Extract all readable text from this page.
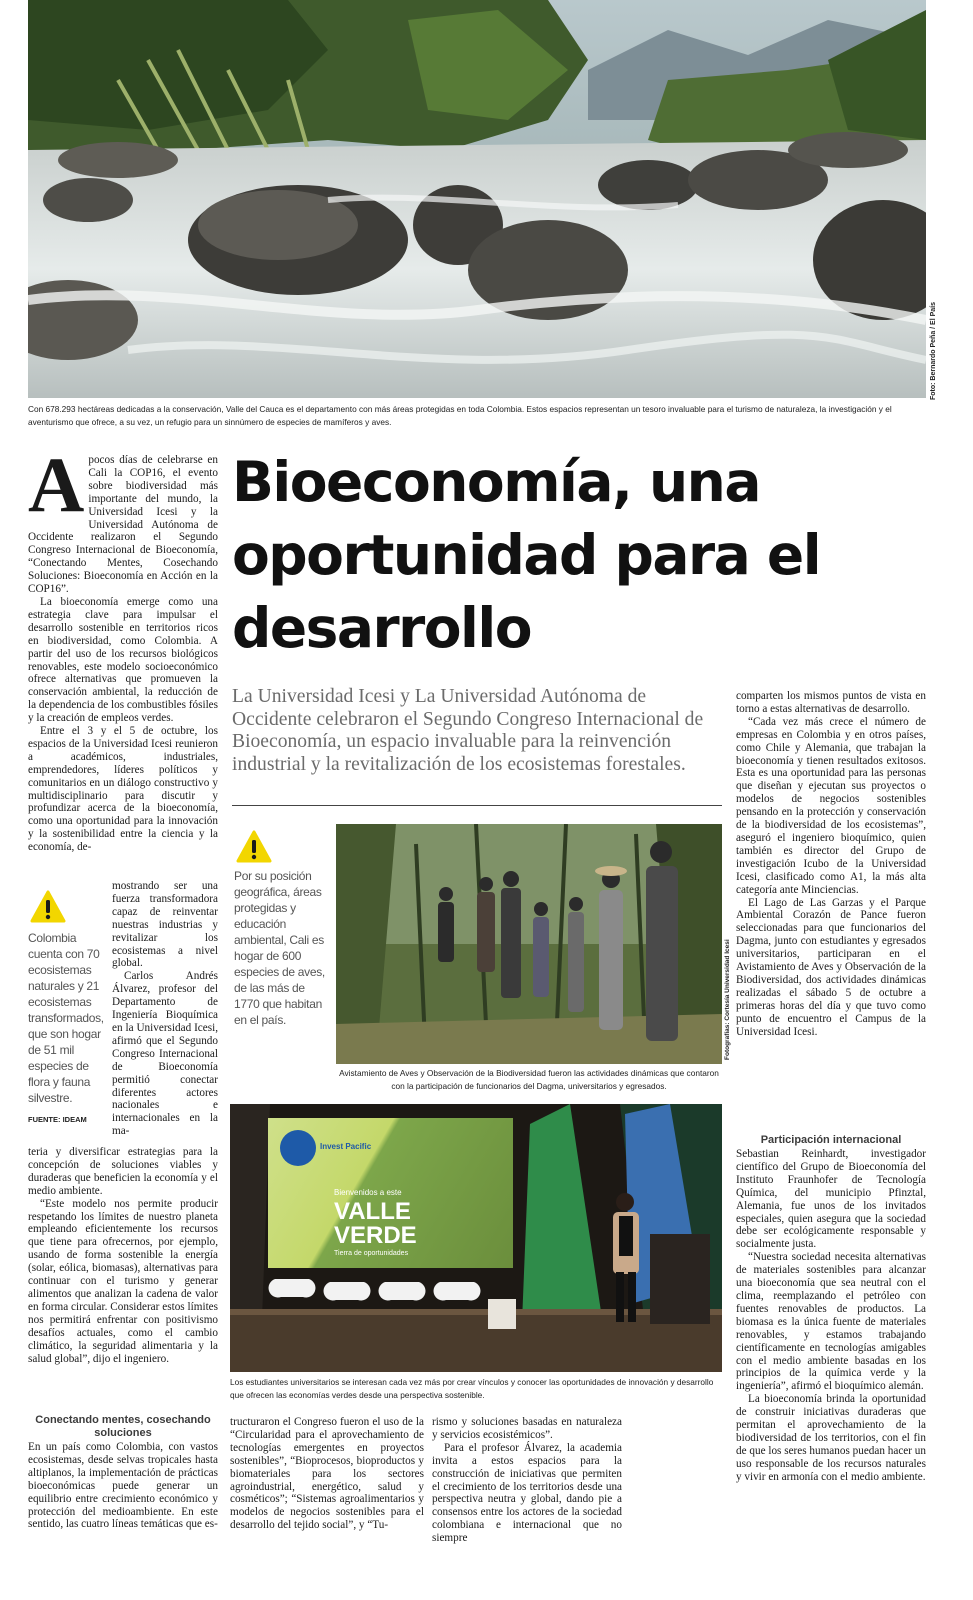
Foto: Bernardo Peña / El País
Con 678.293 hectáreas dedicadas a la conservación, Valle del Cauca es el departamento con más áreas protegidas en toda Colombia. Estos espacios representan un tesoro invaluable para el turismo de naturaleza, la investigación y el aventurismo que ofrece, a su vez, un refugio para un sinnúmero de especies de mamíferos y aves.
A pocos días de celebrarse en Cali la COP16, el evento sobre biodiversidad más importante del mundo, la Universidad Icesi y la Universidad Autónoma de Occidente realizaron el Segundo Congreso Internacional de Bioeconomía, “Conectando Mentes, Cosechando Soluciones: Bioeconomía en Acción en la COP16”.

La bioeconomía emerge como una estrategia clave para impulsar el desarrollo sostenible en territorios ricos en biodiversidad, como Colombia. A partir del uso de los recursos biológicos renovables, este modelo socioeconómico ofrece alternativas que promueven la conservación ambiental, la reducción de la dependencia de los combustibles fósiles y la creación de empleos verdes.

Entre el 3 y el 5 de octubre, los espacios de la Universidad Icesi reunieron a académicos, industriales, emprendedores, líderes políticos y comunitarios en un diálogo constructivo y multidisciplinario para discutir y profundizar acerca de la bioeconomía, como una oportunidad para la innovación y la sostenibilidad entre la ciencia y la economía, de-

Colombia cuenta con 70 ecosistemas naturales y 21 ecosistemas transformados, que son hogar de 51 mil especies de flora y fauna silvestre.
FUENTE: IDEAM

mostrando ser una fuerza transformadora capaz de reinventar nuestras industrias y revitalizar los ecosistemas a nivel global.

Carlos Andrés Álvarez, profesor del Departamento de Ingeniería Bioquímica en la Universidad Icesi, afirmó que el Segundo Congreso Internacional de Bioeconomía permitió conectar diferentes actores nacionales e internacionales en la ma-

teria y diversificar estrategias para la concepción de soluciones viables y duraderas que beneficien la economía y el medio ambiente.

“Este modelo nos permite producir respetando los límites de nuestro planeta empleando eficientemente los recursos que tiene para ofrecernos, por ejemplo, usando de forma sostenible la energía (solar, eólica, biomasas), alternativas para continuar con el turismo y generar alimentos que analizan la cadena de valor en forma circular. Considerar estos límites nos permitirá enfrentar con positivismo desafíos actuales, como el cambio climático, la seguridad alimentaria y la salud global”, dijo el ingeniero.

Conectando mentes, cosechando soluciones

En un país como Colombia, con vastos ecosistemas, desde selvas tropicales hasta altiplanos, la implementación de prácticas bioeconómicas puede generar un equilibrio entre crecimiento económico y protección del medioambiente. En este sentido, las cuatro líneas temáticas que es-

Bioeconomía, una oportunidad para el desarrollo
La Universidad Icesi y La Universidad Autónoma de Occidente celebraron el Segundo Congreso Internacional de Bioeconomía, un espacio invaluable para la reinvención industrial y la revitalización de los ecosistemas forestales.
Por su posición geográfica, áreas protegidas y educación ambiental, Cali es hogar de 600 especies de aves, de las más de 1770 que habitan en el país.	Fotografías: Cortesía Universidad Icesi
Avistamiento de Aves y Observación de la Biodiversidad fueron las actividades dinámicas que contaron con la participación de funcionarios del Dagma, universitarios y egresados.
Invest Pacific
Bienvenidos a este
VALLE
VERDE
Tierra de oportunidades
Los estudiantes universitarios se interesan cada vez más por crear vínculos y conocer las oportunidades de innovación y desarrollo que ofrecen las economías verdes desde una perspectiva sostenible.

tructuraron el Congreso fueron el uso de la “Circularidad para el aprovechamiento de tecnologías emergentes en proyectos sostenibles”, “Bioprocesos, bioproductos y biomateriales para los sectores agroindustrial, energético, salud y cosméticos”; “Sistemas agroalimentarios y modelos de negocios sostenibles para el desarrollo del tejido social”, y “Tu-

rismo y soluciones basadas en naturaleza y servicios ecosistémicos”.

Para el profesor Álvarez, la academia invita a estos espacios para la construcción de iniciativas que permiten el crecimiento de los territorios desde una perspectiva neutra y global, dando pie a consensos entre los actores de la sociedad colombiana e internacional que no siempre

comparten los mismos puntos de vista en torno a estas alternativas de desarrollo.

“Cada vez más crece el número de empresas en Colombia y en otros países, como Chile y Alemania, que trabajan la bioeconomía y tienen resultados exitosos. Esta es una oportunidad para las personas que diseñan y ejecutan sus proyectos o modelos de negocios sostenibles pensando en la protección y conservación de la biodiversidad de los ecosistemas”, aseguró el ingeniero bioquímico, quien también es director del Grupo de investigación Icubo de la Universidad Icesi, clasificado como A1, la más alta categoría ante Minciencias.

El Lago de Las Garzas y el Parque Ambiental Corazón de Pance fueron seleccionadas para que funcionarios del Dagma, junto con estudiantes y egresados universitarios, participaran en el Avistamiento de Aves y Observación de la Biodiversidad, dos actividades dinámicas realizadas el sábado 5 de octubre a primeras horas del día y que tuvo como punto de encuentro el Campus de la Universidad Icesi.

Participación internacional

Sebastian Reinhardt, investigador científico del Grupo de Bioeconomía del Instituto Fraunhofer de Tecnología Química, del municipio Pfinztal, Alemania, fue unos de los invitados especiales, quien asegura que la sociedad debe ser ecológicamente responsable y socialmente justa.

“Nuestra sociedad necesita alternativas de materiales sostenibles para alcanzar una bioeconomía que sea neutral con el clima, reemplazando el petróleo con fuentes renovables de productos. La biomasa es la única fuente de materiales renovables, y estamos trabajando científicamente en tecnologías amigables con el medio ambiente basadas en los principios de la química verde y la ingeniería”, afirmó el bioquímico alemán.

La bioeconomía brinda la oportunidad de construir iniciativas duraderas que permitan el aprovechamiento de la biodiversidad de los territorios, con el fin de que los seres humanos puedan hacer un uso responsable de los recursos naturales y vivir en armonía con el medio ambiente.
